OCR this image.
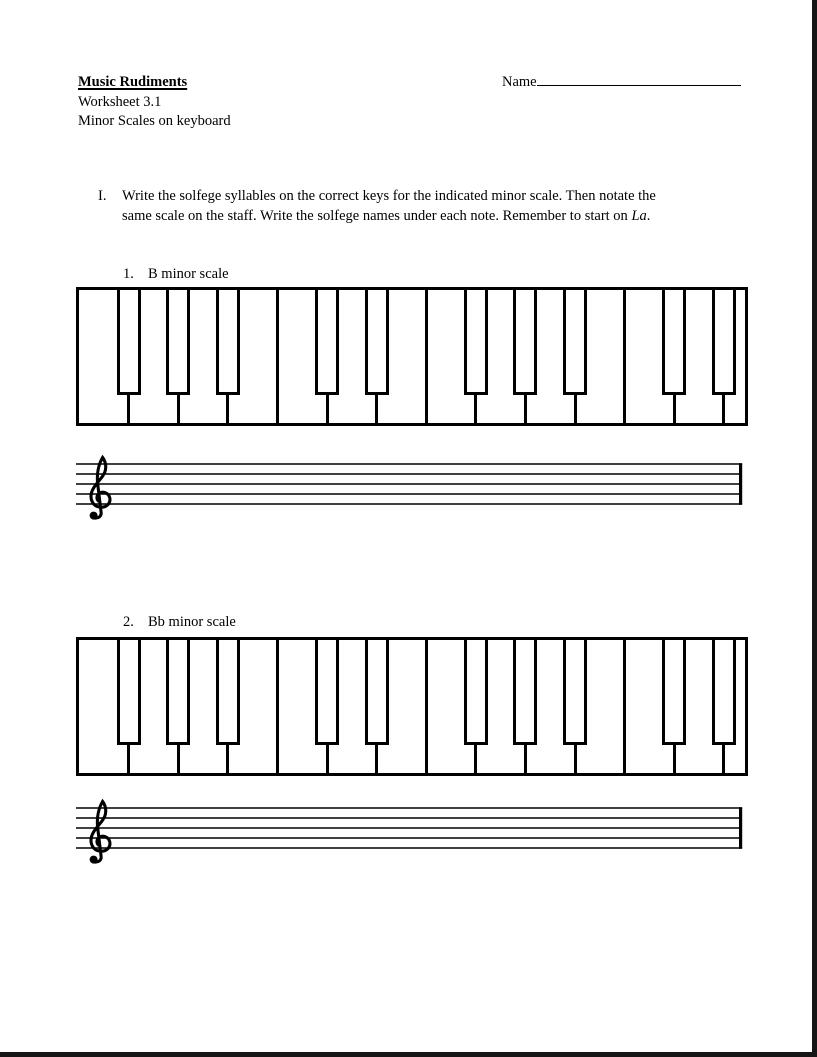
Music Rudiments
Worksheet 3.1
Minor Scales on keyboard
Name
I.	Write the solfege syllables on the correct keys for the indicated minor scale. Then notate the
same scale on the staff. Write the solfege names under each note. Remember to start on La.
1. B minor scale
2. Bb minor scale
